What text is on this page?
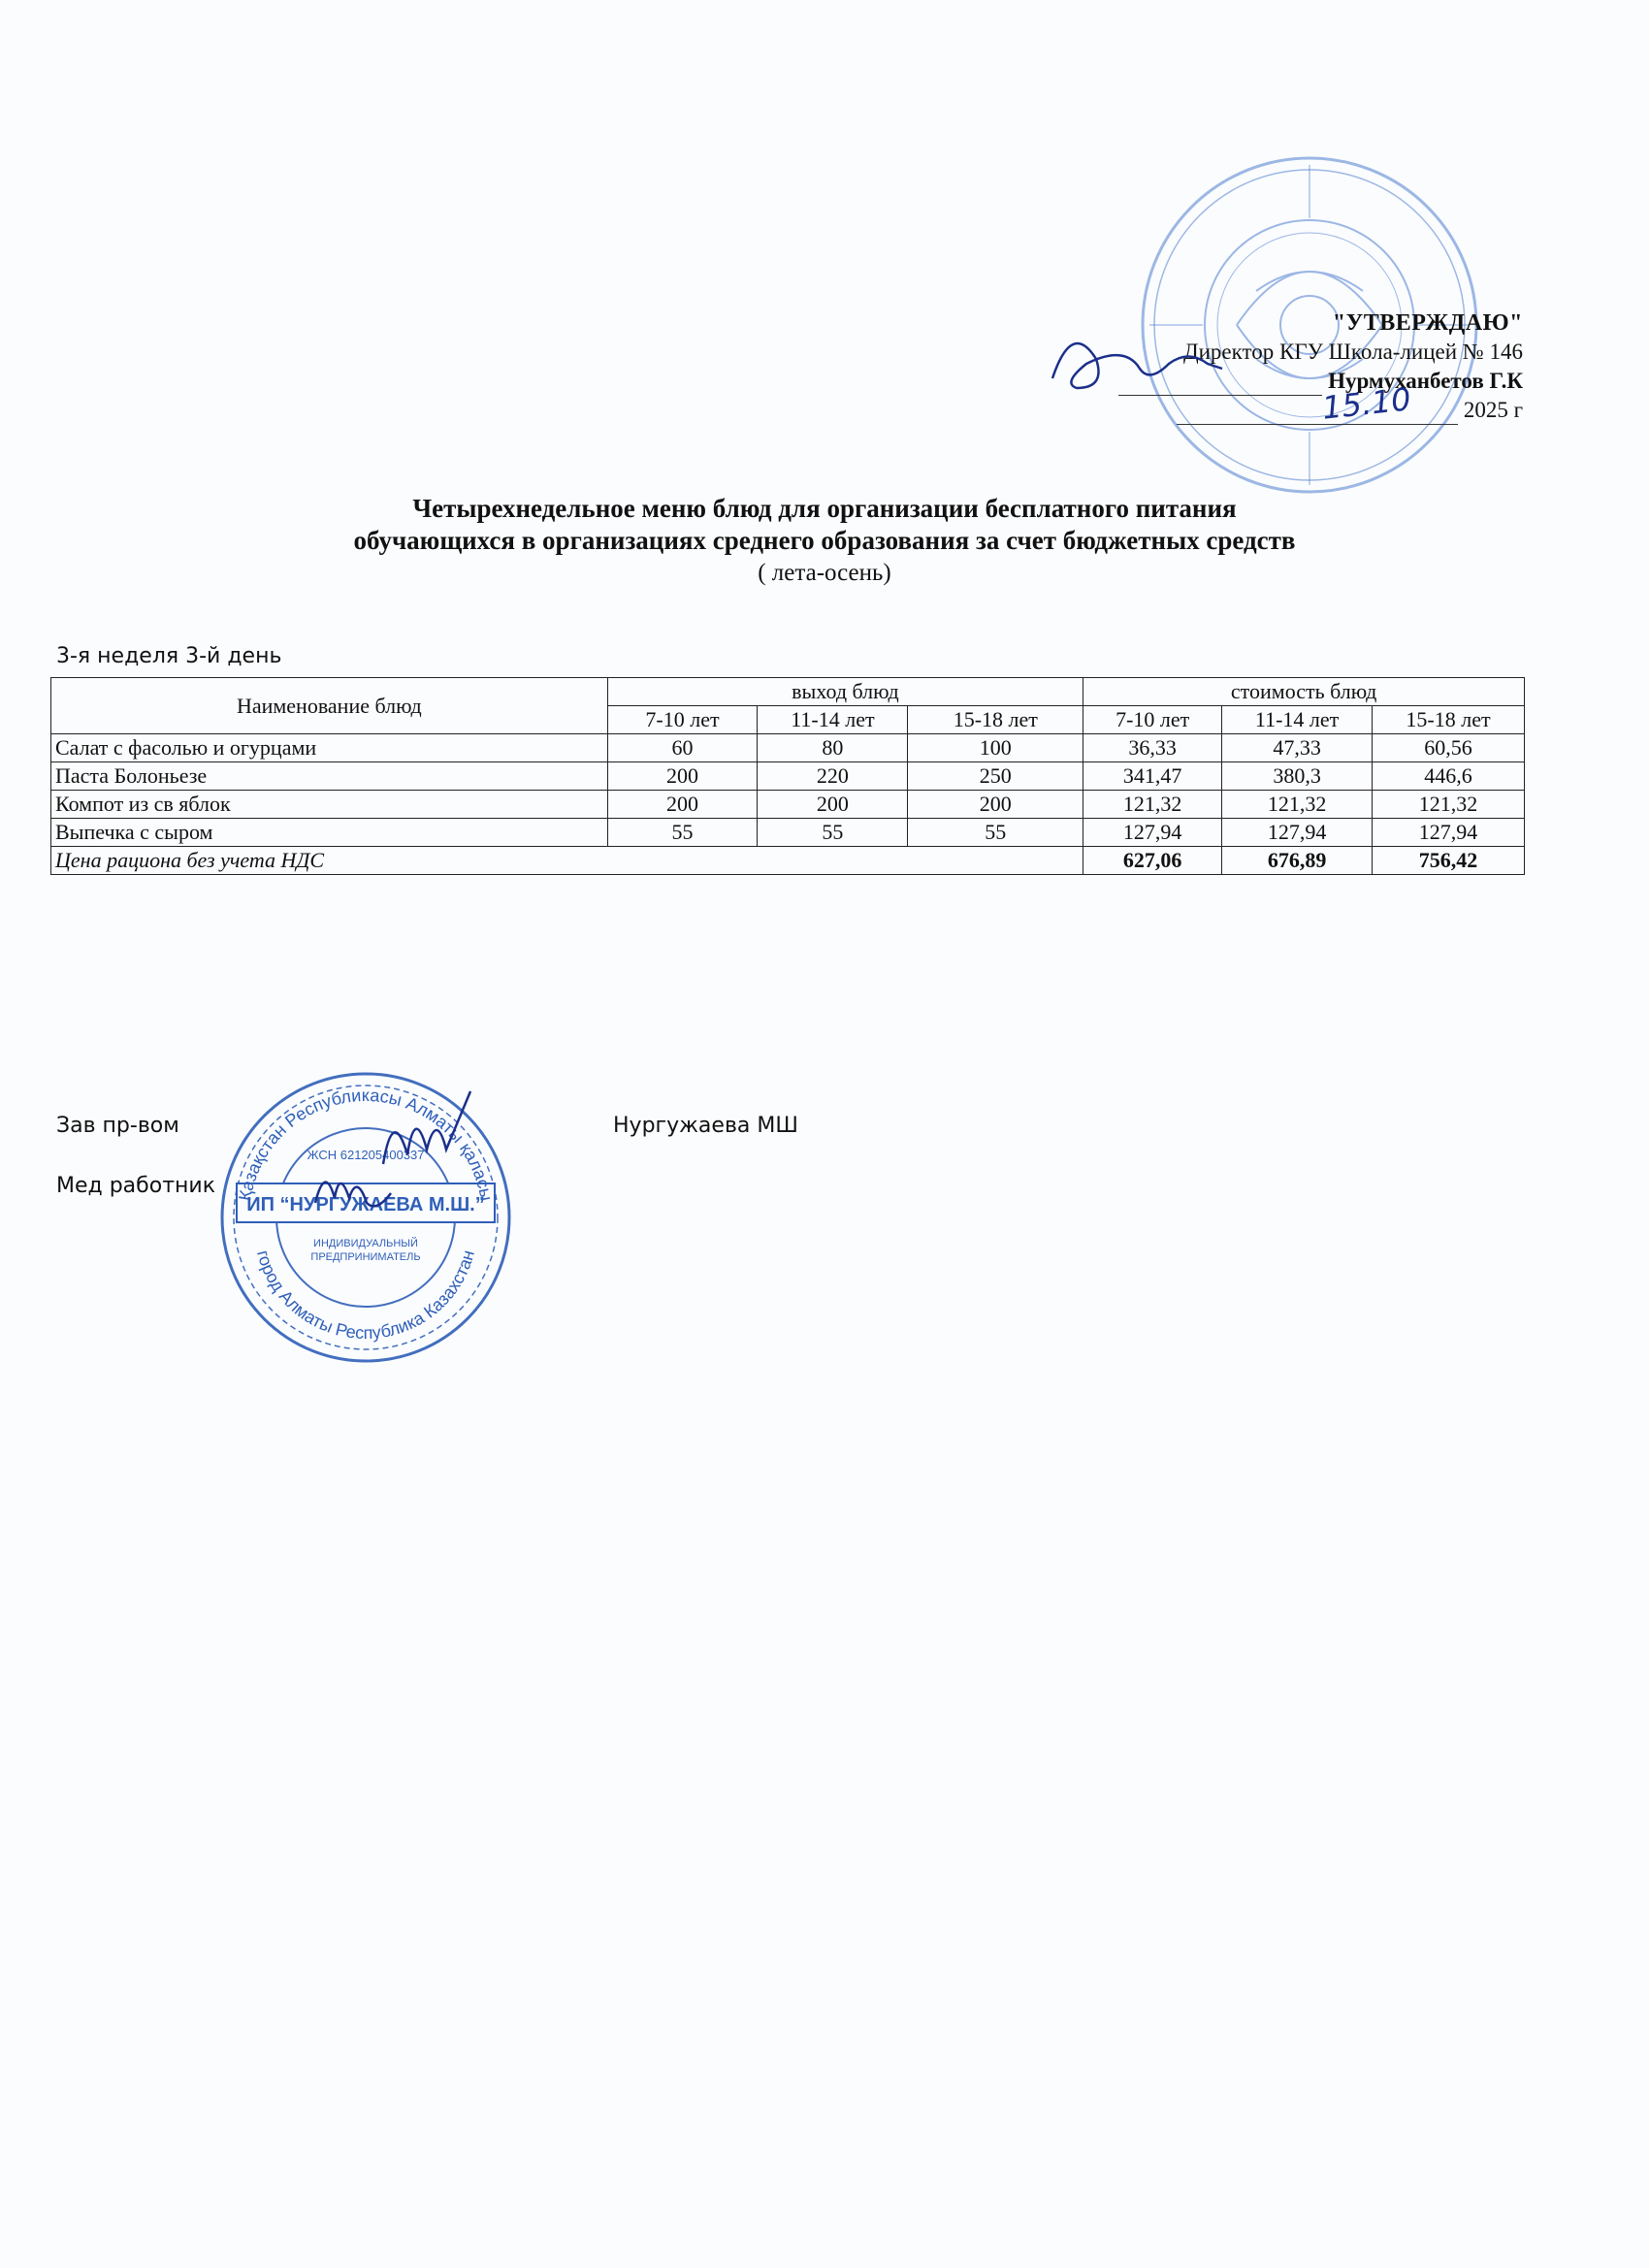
"УТВЕРЖДАЮ"
Директор КГУ Школа-лицей № 146
Нурмуханбетов Г.К
15.10 2025 г
Четырехнедельное меню блюд для организации бесплатного питания
обучающихся в организациях среднего образования за счет бюджетных средств
( лета-осень)
3-я неделя 3-й день
Наименование блюд	выход блюд			стоимость блюд		
	7-10 лет	11-14 лет	15-18 лет	7-10 лет	11-14 лет	15-18 лет
Салат с фасолью и огурцами	60	80	100	36,33	47,33	60,56
Паста Болоньезе	200	220	250	341,47	380,3	446,6
Компот из св яблок	200	200	200	121,32	121,32	121,32
Выпечка с сыром	55	55	55	127,94	127,94	127,94
Цена рациона без учета НДС				627,06	676,89	756,42
Зав пр-вом	Нургужаева МШ
Мед работник
ИП “НУРГУЖАЕВА М.Ш.”
ЖСН 621205400337
ИНДИВИДУАЛЬНЫЙ
ПРЕДПРИНИМАТЕЛЬ
Қазақстан Республикасы Алматы қаласы
город Алматы Республика Казахстан
